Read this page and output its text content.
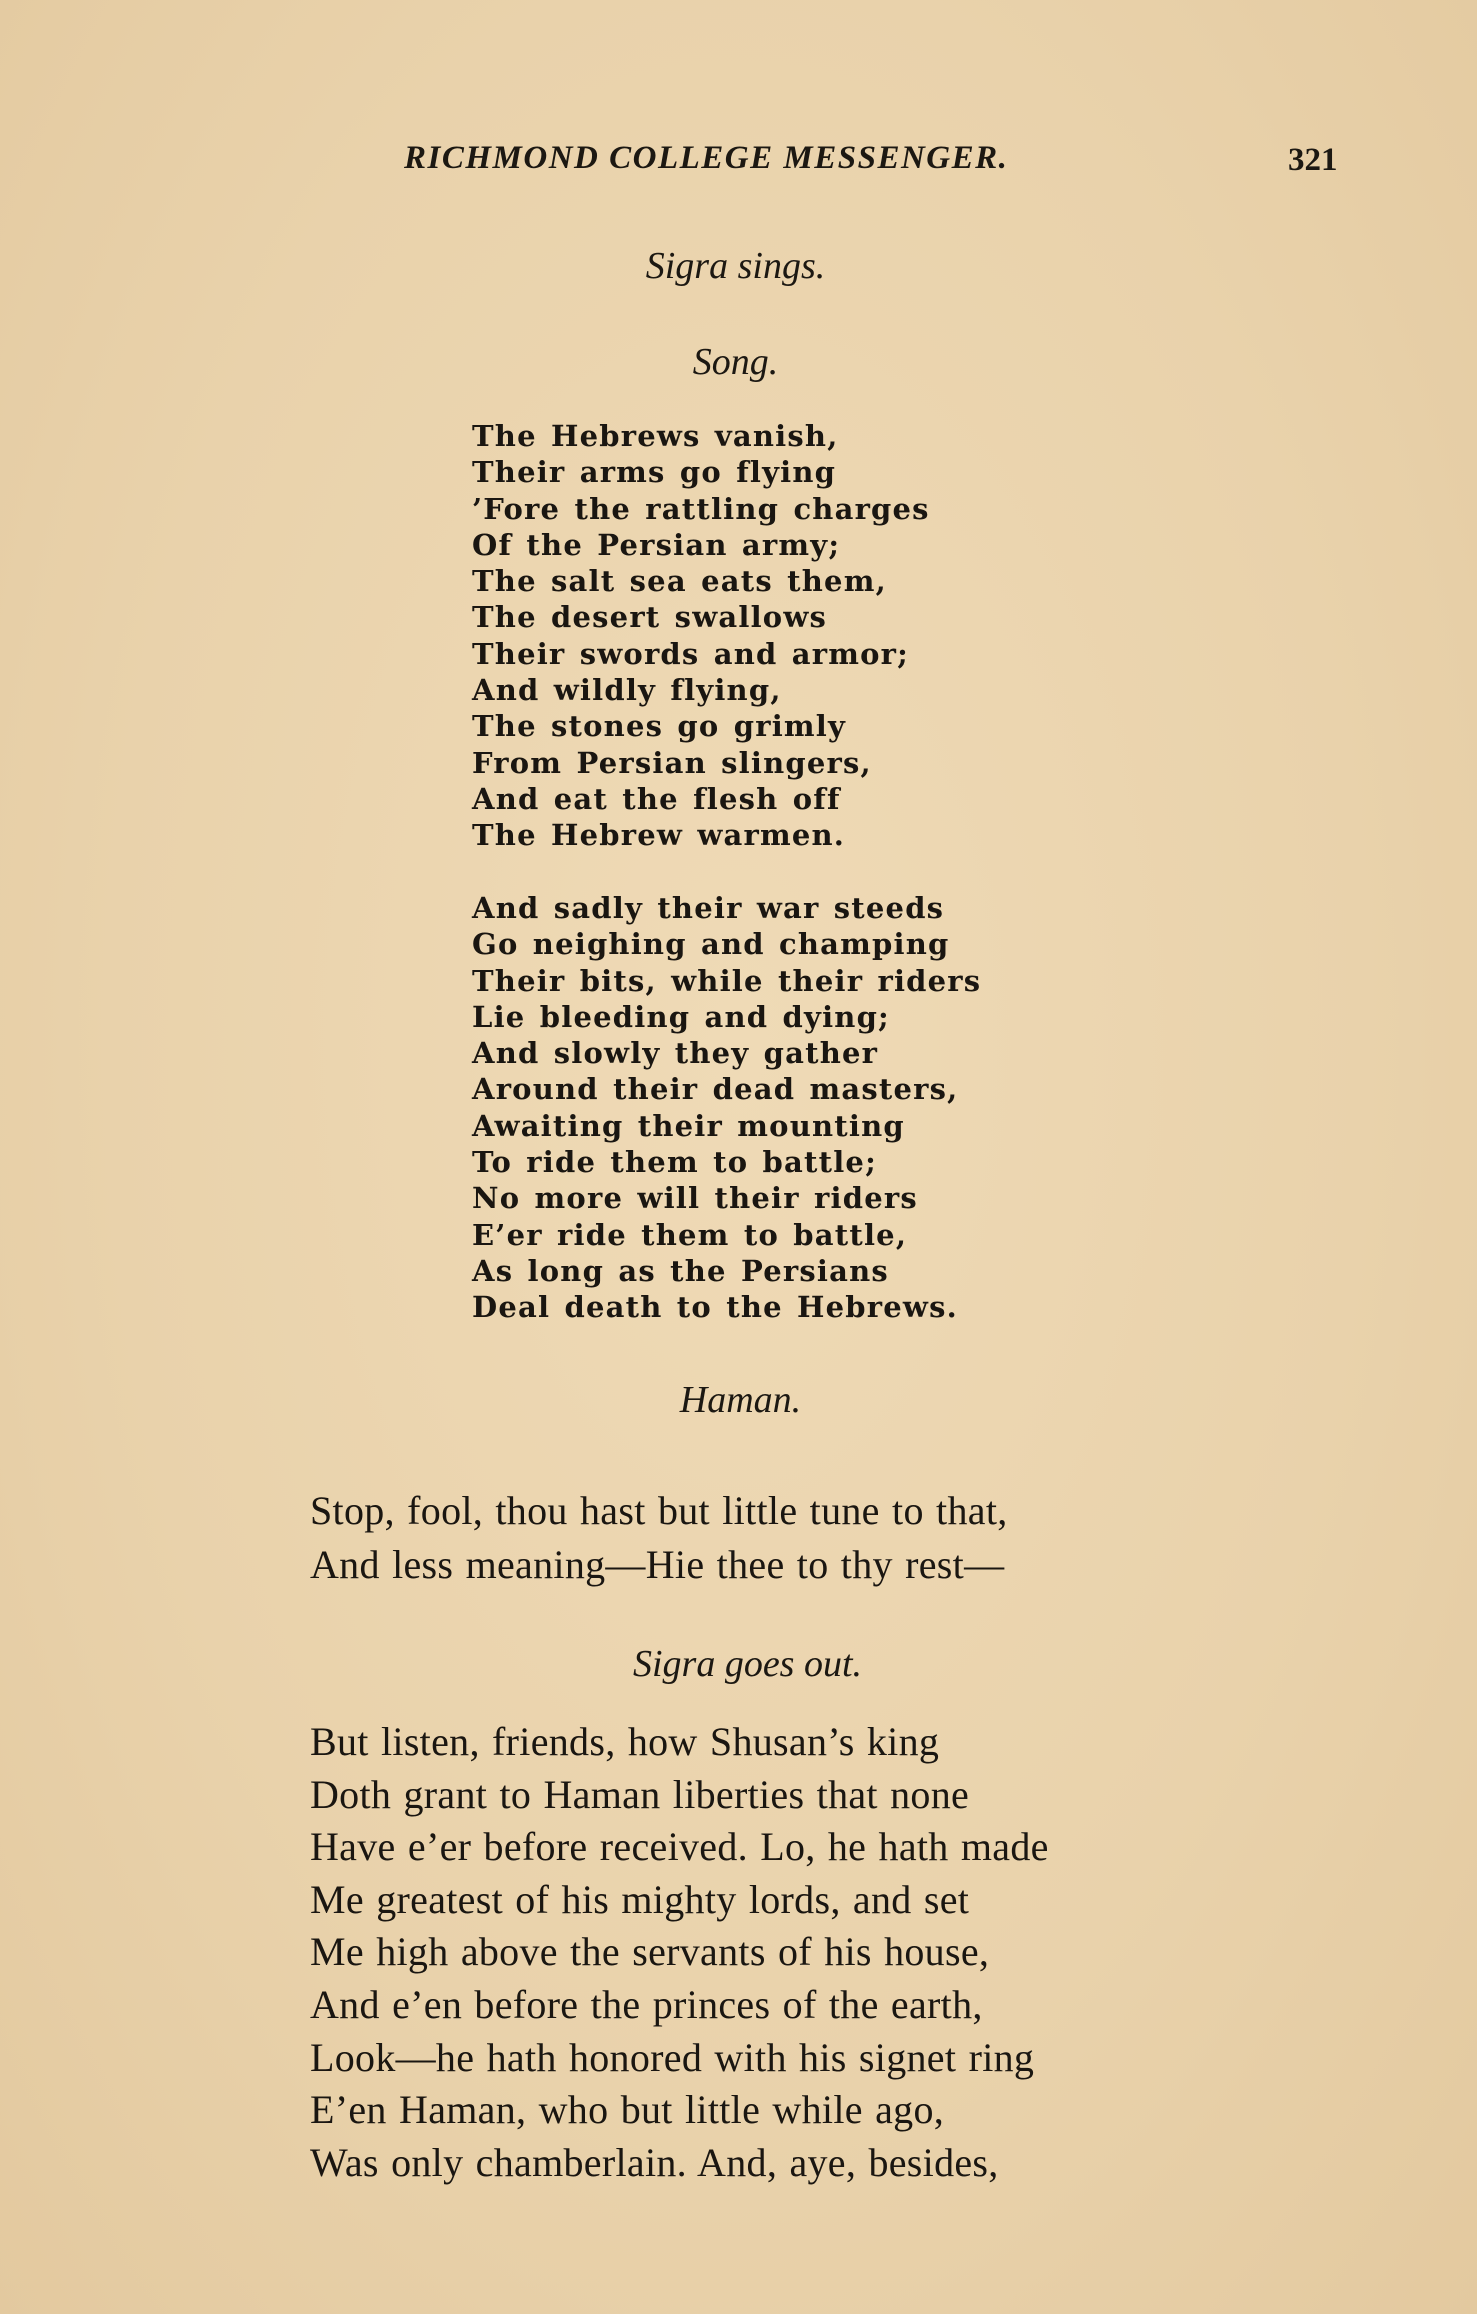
RICHMOND COLLEGE MESSENGER.	321
Sigra sings.
Song.
The Hebrews vanish,
Their arms go flying
’Fore the rattling charges
Of the Persian army;
The salt sea eats them,
The desert swallows
Their swords and armor;
And wildly flying,
The stones go grimly
From Persian slingers,
And eat the flesh off
The Hebrew warmen.
And sadly their war steeds
Go neighing and champing
Their bits, while their riders
Lie bleeding and dying;
And slowly they gather
Around their dead masters,
Awaiting their mounting
To ride them to battle;
No more will their riders
E’er ride them to battle,
As long as the Persians
Deal death to the Hebrews.
Haman.
Stop, fool, thou hast but little tune to that,
And less meaning—Hie thee to thy rest—
Sigra goes out.
But listen, friends, how Shusan’s king
Doth grant to Haman liberties that none
Have e’er before received. Lo, he hath made
Me greatest of his mighty lords, and set
Me high above the servants of his house,
And e’en before the princes of the earth,
Look—he hath honored with his signet ring
E’en Haman, who but little while ago,
Was only chamberlain. And, aye, besides,
